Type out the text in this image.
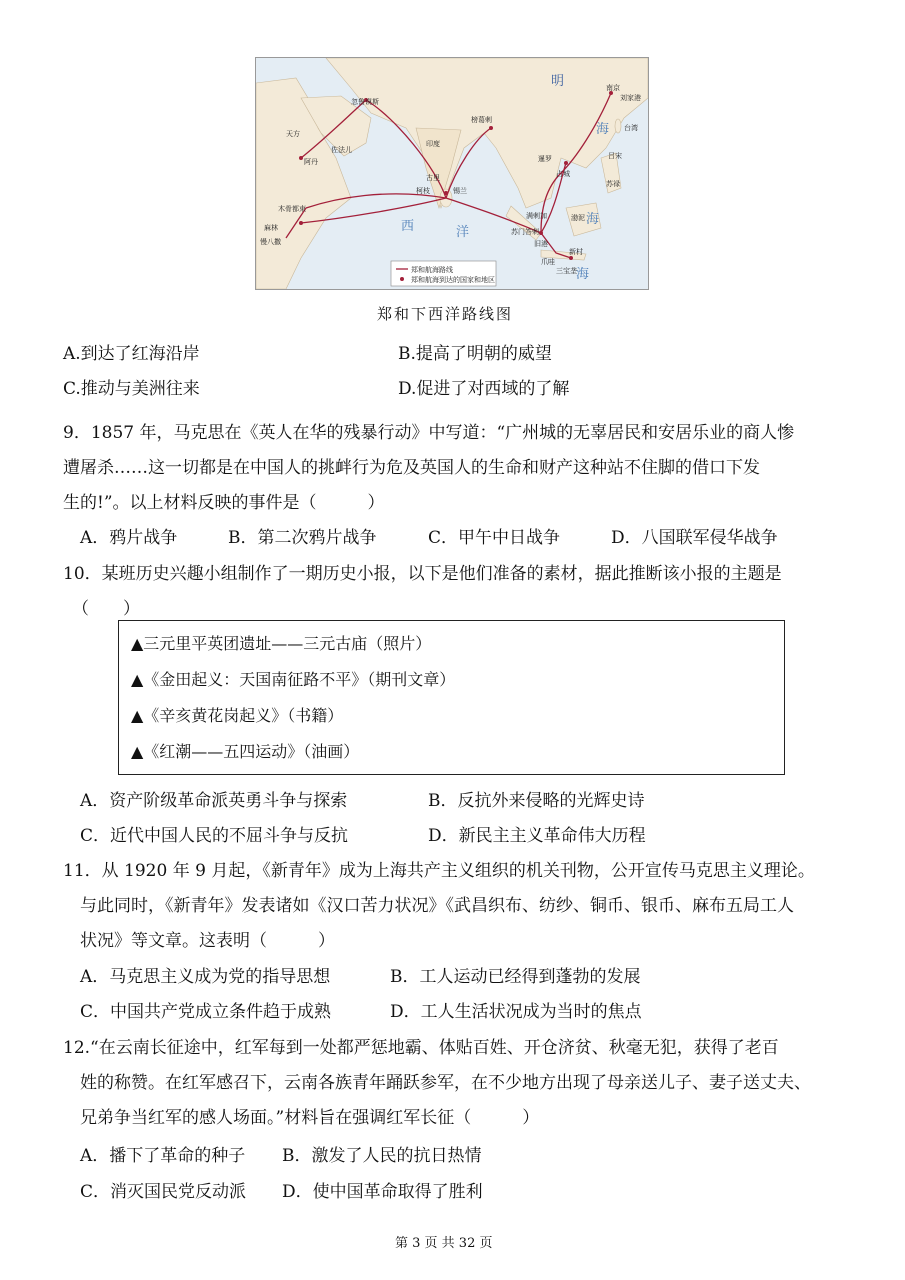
明
西	洋
海
海
海
忽鲁谟斯
天方
佐法儿
阿丹
木骨都束
麻林
慢八撒
印度
榜葛剌
古里
柯枝	锡兰
暹罗
占城
南京
刘家港
台湾
满剌加
苏门答剌
旧港
爪哇
新村
三宝垄
渤泥
苏禄
吕宋
郑和航海路线
郑和航海到达的国家和地区
郑和下西洋路线图
A.到达了红海沿岸	B.提高了明朝的威望
C.推动与美洲往来	D.促进了对西域的了解
9．1857 年，马克思在《英人在华的残暴行动》中写道：“广州城的无辜居民和安居乐业的商人惨
遭屠杀……这一切都是在中国人的挑衅行为危及英国人的生命和财产这种站不住脚的借口下发
生的!”。以上材料反映的事件是（　　　）
A．鸦片战争	B．第二次鸦片战争	C．甲午中日战争	D．八国联军侵华战争
10．某班历史兴趣小组制作了一期历史小报，以下是他们准备的素材，据此推断该小报的主题是
（　　）
▲三元里平英团遗址——三元古庙（照片）
▲《金田起义：天国南征路不平》（期刊文章）
▲《辛亥黄花岗起义》（书籍）
▲《红潮——五四运动》（油画）
A．资产阶级革命派英勇斗争与探索	B．反抗外来侵略的光辉史诗
C．近代中国人民的不屈斗争与反抗	D．新民主主义革命伟大历程
11．从 1920 年 9 月起，《新青年》成为上海共产主义组织的机关刊物，公开宣传马克思主义理论。
与此同时，《新青年》发表诸如《汉口苦力状况》《武昌织布、纺纱、铜币、银币、麻布五局工人
状况》等文章。这表明（　　　）
A．马克思主义成为党的指导思想	B．工人运动已经得到蓬勃的发展
C．中国共产党成立条件趋于成熟	D．工人生活状况成为当时的焦点
12.“在云南长征途中，红军每到一处都严惩地霸、体贴百姓、开仓济贫、秋毫无犯，获得了老百
姓的称赞。在红军感召下，云南各族青年踊跃参军，在不少地方出现了母亲送儿子、妻子送丈夫、
兄弟争当红军的感人场面。”材料旨在强调红军长征（　　　）
A．播下了革命的种子 B．激发了人民的抗日热情
C．消灭国民党反动派 D．使中国革命取得了胜利
第 3 页 共 32 页
